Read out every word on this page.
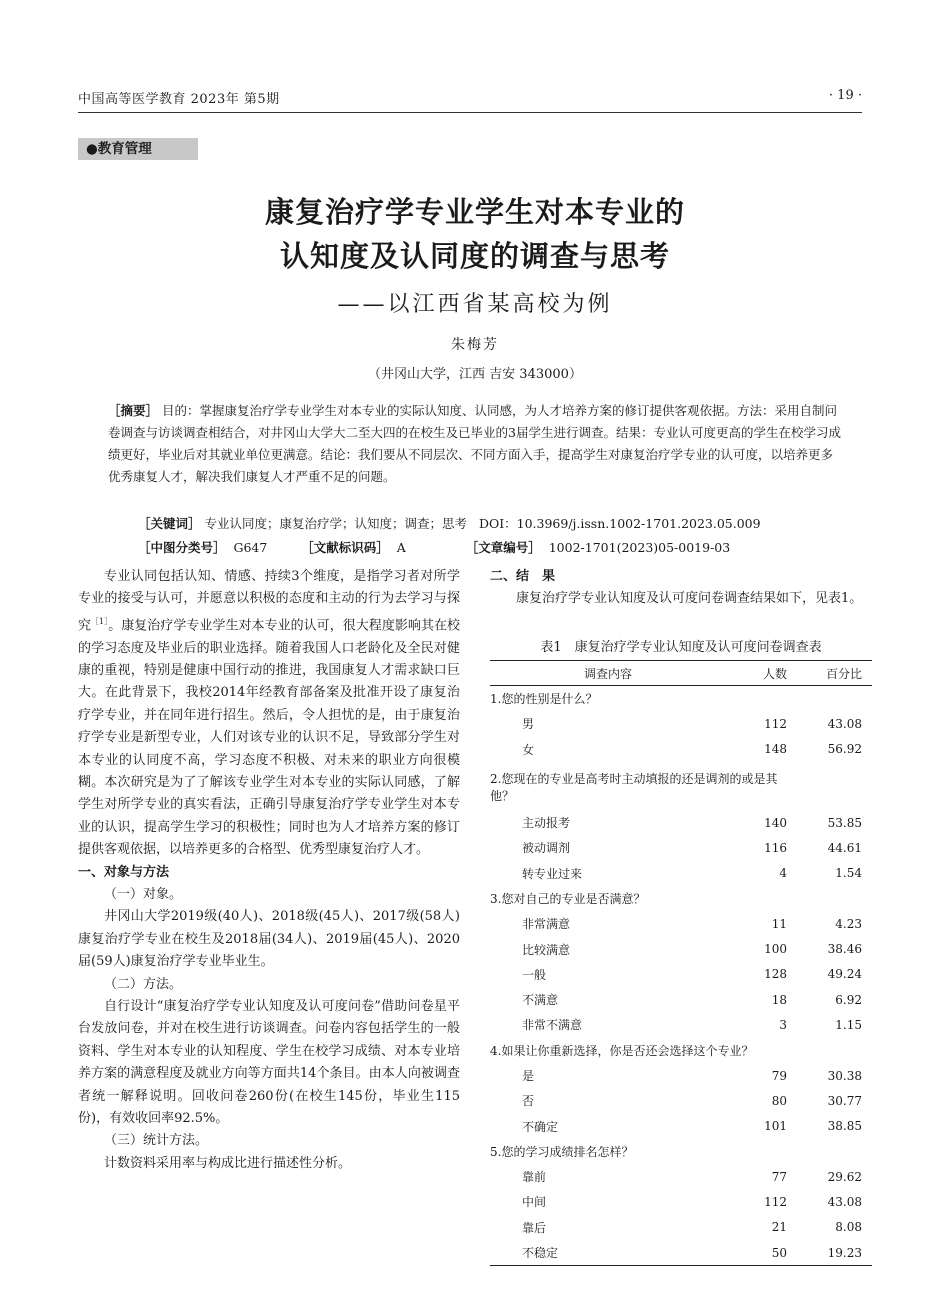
中国高等医学教育 2023年 第5期	· 19 ·
●教育管理
康复治疗学专业学生对本专业的
认知度及认同度的调查与思考
——以江西省某高校为例
朱梅芳
（井冈山大学，江西 吉安 343000）
［摘要］ 目的：掌握康复治疗学专业学生对本专业的实际认知度、认同感，为人才培养方案的修订提供客观依据。方法：采用自制问卷调查与访谈调查相结合，对井冈山大学大二至大四的在校生及已毕业的3届学生进行调查。结果：专业认可度更高的学生在校学习成绩更好，毕业后对其就业单位更满意。结论：我们要从不同层次、不同方面入手，提高学生对康复治疗学专业的认可度，以培养更多优秀康复人才，解决我们康复人才严重不足的问题。
［关键词］ 专业认同度；康复治疗学；认知度；调查；思考 DOI：10.3969/j.issn.1002-1701.2023.05.009
［中图分类号］ G647	［文献标识码］ A	［文章编号］ 1002-1701(2023)05-0019-03

专业认同包括认知、情感、持续3个维度，是指学习者对所学专业的接受与认可，并愿意以积极的态度和主动的行为去学习与探究$^{[1]}$。康复治疗学专业学生对本专业的认可，很大程度影响其在校的学习态度及毕业后的职业选择。随着我国人口老龄化及全民对健康的重视，特别是健康中国行动的推进，我国康复人才需求缺口巨大。在此背景下，我校2014年经教育部备案及批准开设了康复治疗学专业，并在同年进行招生。然后，令人担忧的是，由于康复治疗学专业是新型专业，人们对该专业的认识不足，导致部分学生对本专业的认同度不高，学习态度不积极、对未来的职业方向很模糊。本次研究是为了了解该专业学生对本专业的实际认同感，了解学生对所学专业的真实看法，正确引导康复治疗学专业学生对本专业的认识，提高学生学习的积极性；同时也为人才培养方案的修订提供客观依据，以培养更多的合格型、优秀型康复治疗人才。

一、对象与方法

（一）对象。

井冈山大学2019级(40人)、2018级(45人)、2017级(58人)康复治疗学专业在校生及2018届(34人)、2019届(45人)、2020届(59人)康复治疗学专业毕业生。

（二）方法。

自行设计“康复治疗学专业认知度及认可度问卷”借助问卷星平台发放问卷，并对在校生进行访谈调查。问卷内容包括学生的一般资料、学生对本专业的认知程度、学生在校学习成绩、对本专业培养方案的满意程度及就业方向等方面共14个条目。由本人向被调查者统一解释说明。回收问卷260份(在校生145份，毕业生115份)，有效收回率92.5%。

（三）统计方法。

计数资料采用率与构成比进行描述性分析。

二、结　果

康复治疗学专业认知度及认可度问卷调查结果如下，见表1。

表1　康复治疗学专业认知度及认可度问卷调查表
调查内容	人数	百分比
1.您的性别是什么？		
男	112	43.08
女	148	56.92
2.您现在的专业是高考时主动填报的还是调剂的或是其他？		
主动报考	140	53.85
被动调剂	116	44.61
转专业过来	4	1.54
3.您对自己的专业是否满意？		
非常满意	11	4.23
比较满意	100	38.46
一般	128	49.24
不满意	18	6.92
非常不满意	3	1.15
4.如果让你重新选择，你是否还会选择这个专业？		
是	79	30.38
否	80	30.77
不确定	101	38.85
5.您的学习成绩排名怎样？		
靠前	77	29.62
中间	112	43.08
靠后	21	8.08
不稳定	50	19.23
